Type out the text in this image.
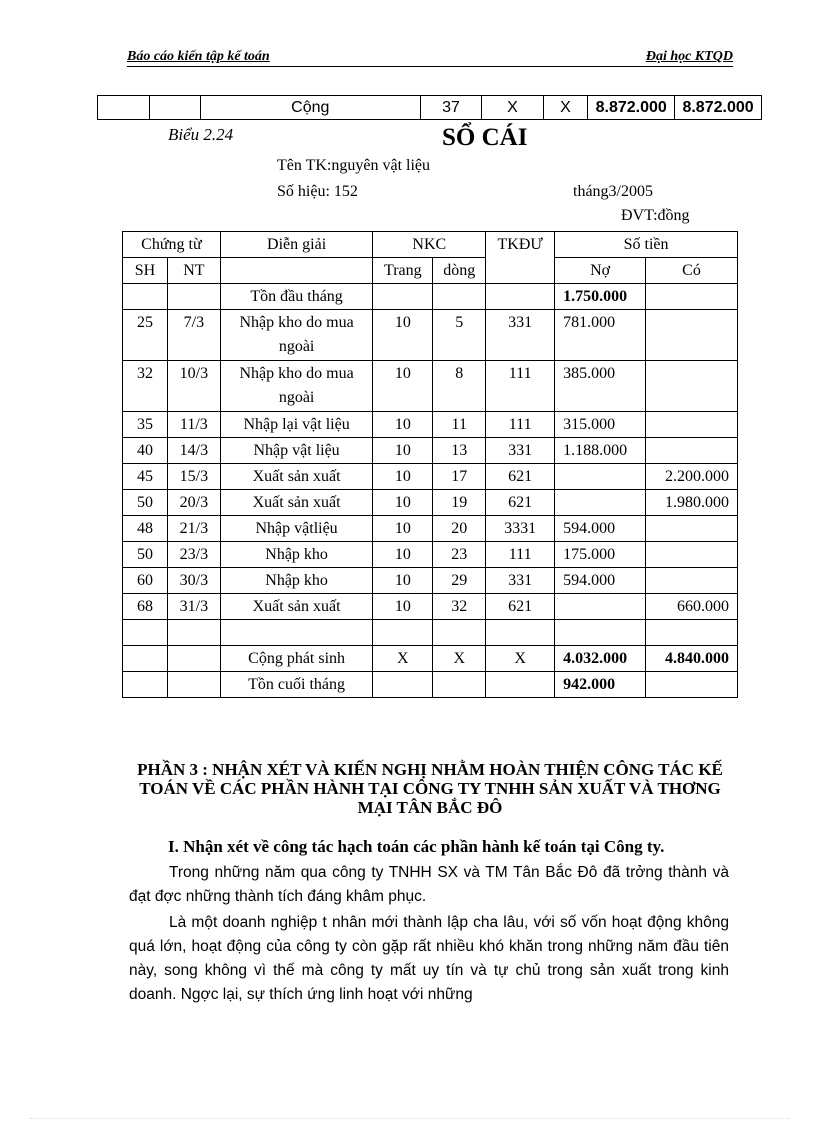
Báo cáo kiến tập kế toán	Đại học KTQD
		Cộng	37	X	X	8.872.000	8.872.000
Biểu 2.24	SỔ CÁI
Tên TK:nguyên vật liệu
Số hiệu: 152	tháng3/2005
ĐVT:đồng
Chứng từ		Diễn giải	NKC		TKĐƯ	Số tiền	
SH	NT		Trang	dòng		Nợ	Có
		Tồn đầu tháng				1.750.000	
25	7/3	Nhập kho do mua ngoài	10	5	331	781.000	
32	10/3	Nhập kho do mua ngoài	10	8	111	385.000	
35	11/3	Nhập lại vật liệu	10	11	111	315.000	
40	14/3	Nhập vật liệu	10	13	331	1.188.000	
45	15/3	Xuất sản xuất	10	17	621		2.200.000
50	20/3	Xuất sản xuất	10	19	621		1.980.000
48	21/3	Nhập vậtliệu	10	20	3331	594.000	
50	23/3	Nhập kho	10	23	111	175.000	
60	30/3	Nhập kho	10	29	331	594.000	
68	31/3	Xuất sản xuất	10	32	621		660.000

		Cộng phát sinh	X	X	X	4.032.000	4.840.000
		Tồn cuối tháng				942.000	
PHẦN 3 : NHẬN XÉT VÀ KIẾN NGHỊ NHẰM HOÀN THIỆN CÔNG TÁC KẾ TOÁN VỀ CÁC PHẦN HÀNH TẠI CÔNG TY TNHH SẢN XUẤT VÀ THƠNG MẠI TÂN BẮC ĐÔ
I. Nhận xét về công tác hạch toán các phần hành kế toán tại Công ty.
Trong những năm qua công ty TNHH SX và TM Tân Bắc Đô đã trởng thành và đạt đợc những thành tích đáng khâm phục.
Là một doanh nghiệp t nhân mới thành lập cha lâu, với số vốn hoạt động không quá lớn, hoạt động của công ty còn gặp rất nhiều khó khăn trong những năm đầu tiên này, song không vì thế mà công ty mất uy tín và tự chủ trong sản xuất trong kinh doanh. Ngợc lại, sự thích ứng linh hoạt với những
